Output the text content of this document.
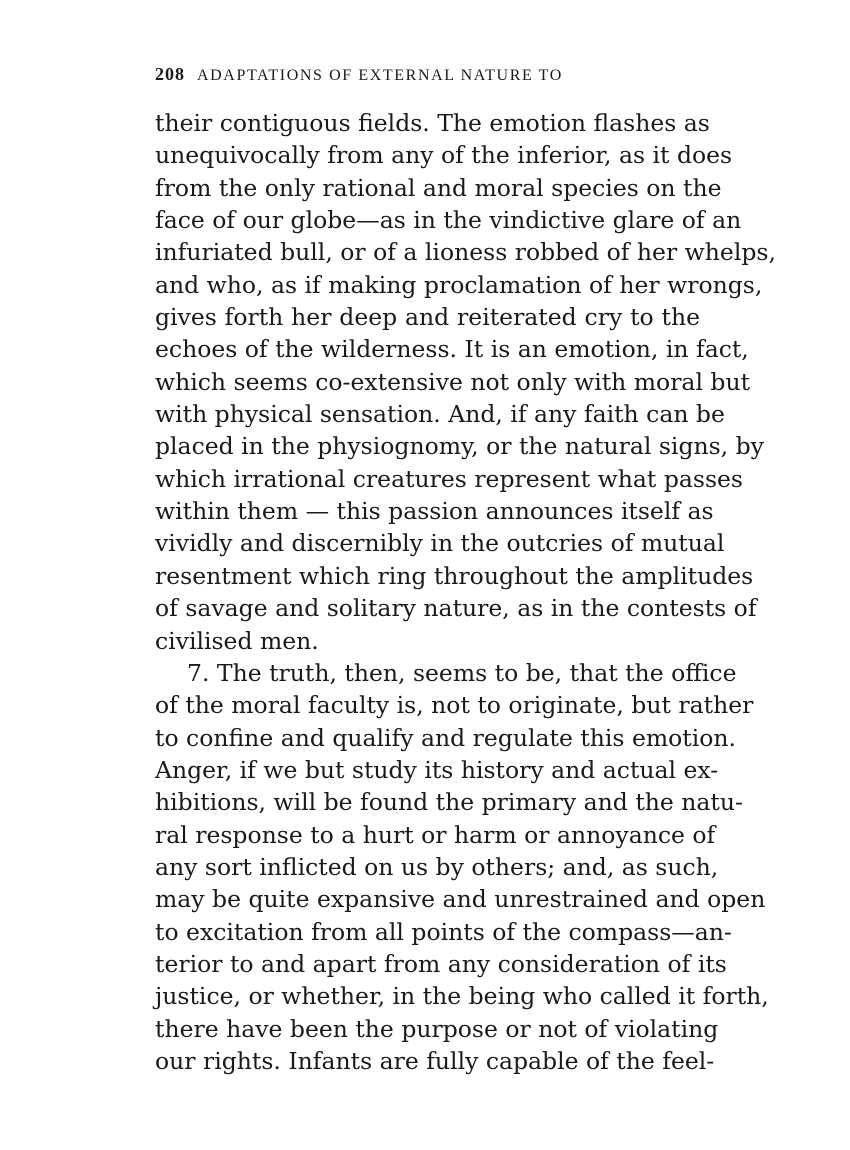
208 ADAPTATIONS OF EXTERNAL NATURE TO
their contiguous fields. The emotion flashes as
unequivocally from any of the inferior, as it does
from the only rational and moral species on the
face of our globe—as in the vindictive glare of an
infuriated bull, or of a lioness robbed of her whelps,
and who, as if making proclamation of her wrongs,
gives forth her deep and reiterated cry to the
echoes of the wilderness. It is an emotion, in fact,
which seems co-extensive not only with moral but
with physical sensation. And, if any faith can be
placed in the physiognomy, or the natural signs, by
which irrational creatures represent what passes
within them — this passion announces itself as
vividly and discernibly in the outcries of mutual
resentment which ring throughout the amplitudes
of savage and solitary nature, as in the contests of
civilised men.
7. The truth, then, seems to be, that the office
of the moral faculty is, not to originate, but rather
to confine and qualify and regulate this emotion.
Anger, if we but study its history and actual ex-
hibitions, will be found the primary and the natu-
ral response to a hurt or harm or annoyance of
any sort inflicted on us by others; and, as such,
may be quite expansive and unrestrained and open
to excitation from all points of the compass—an-
terior to and apart from any consideration of its
justice, or whether, in the being who called it forth,
there have been the purpose or not of violating
our rights. Infants are fully capable of the feel-
